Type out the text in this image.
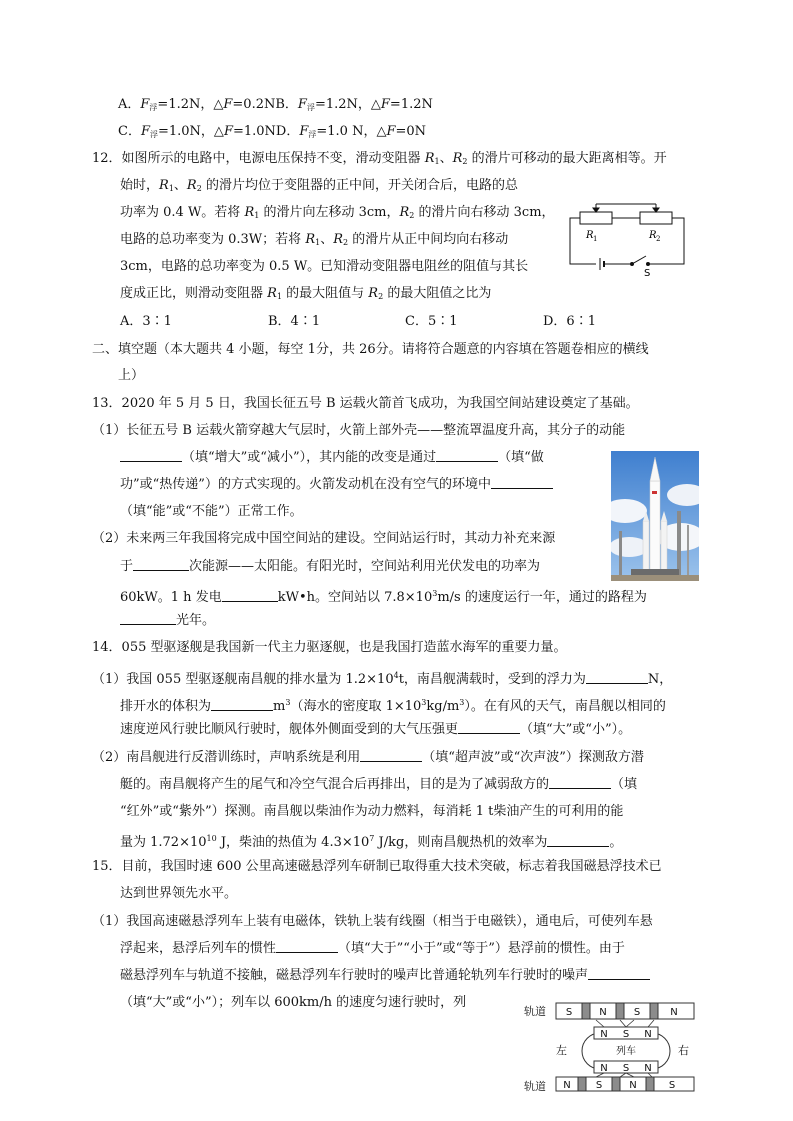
A．F浮=1.2N，△F=0.2NB．F浮=1.2N，△F=1.2N
C．F浮=1.0N，△F=1.0ND．F浮=1.0 N，△F=0N
12．如图所示的电路中，电源电压保持不变，滑动变阻器 R1、R2 的滑片可移动的最大距离相等。开
始时，R1、R2 的滑片均位于变阻器的正中间，开关闭合后，电路的总
功率为 0.4 W。若将 R1 的滑片向左移动 3cm，R2 的滑片向右移动 3cm，
电路的总功率变为 0.3W；若将 R1、R2 的滑片从正中间均向右移动
3cm，电路的总功率变为 0.5 W。已知滑动变阻器电阻丝的阻值与其长
度成正比，则滑动变阻器 R1 的最大阻值与 R2 的最大阻值之比为
A．3∶1	B．4∶1	C．5∶1	D．6∶1
R 1	R 2
S
二、填空题（本大题共 4 小题，每空 1分，共 26分。请将符合题意的内容填在答题卷相应的横线
上）
13．2020 年 5 月 5 日，我国长征五号 B 运载火箭首飞成功，为我国空间站建设奠定了基础。
（1）长征五号 B 运载火箭穿越大气层时，火箭上部外壳——整流罩温度升高，其分子的动能
（填“增大”或“减小”），其内能的改变是通过	（填“做
功”或“热传递”）的方式实现的。火箭发动机在没有空气的环境中
（填“能”或“不能”）正常工作。
（2）未来两三年我国将完成中国空间站的建设。空间站运行时，其动力补充来源
于	次能源——太阳能。有阳光时，空间站利用光伏发电的功率为
60kW。1 h 发电	kW•h。空间站以 $7.8\times 10^3m/s$ 的速度运行一年，通过的路程为
光年。
14．055 型驱逐舰是我国新一代主力驱逐舰，也是我国打造蓝水海军的重要力量。
（1）我国 055 型驱逐舰南昌舰的排水量为 $1.2\times 10^4t$，南昌舰满载时，受到的浮力为	N，
排开水的体积为	$m^3$（海水的密度取 $1\times 10^3kg/m^3$）。在有风的天气，南昌舰以相同的
速度逆风行驶比顺风行驶时，舰体外侧面受到的大气压强更	（填“大”或“小”）。
（2）南昌舰进行反潜训练时，声呐系统是利用	（填“超声波”或“次声波”）探测敌方潜
艇的。南昌舰将产生的尾气和冷空气混合后再排出，目的是为了减弱敌方的	（填
“红外”或“紫外”）探测。南昌舰以柴油作为动力燃料，每消耗 1 t柴油产生的可利用的能
量为 $1.72\times 10^{10}$ J，柴油的热值为 $4.3\times 10^7$ J/kg，则南昌舰热机的效率为	。
15．目前，我国时速 600 公里高速磁悬浮列车研制已取得重大技术突破，标志着我国磁悬浮技术已
达到世界领先水平。
（1）我国高速磁悬浮列车上装有电磁体，铁轨上装有线圈（相当于电磁铁），通电后，可使列车悬
浮起来，悬浮后列车的惯性	（填“大于”“小于”或“等于”）悬浮前的惯性。由于
磁悬浮列车与轨道不接触，磁悬浮列车行驶时的噪声比普通轮轨列车行驶时的噪声
（填“大”或“小”）；列车以 600km/h 的速度匀速行驶时，列
轨道
轨道
左	右
S	N	S	N
N S N
列车
N S N
N	S	N	S
